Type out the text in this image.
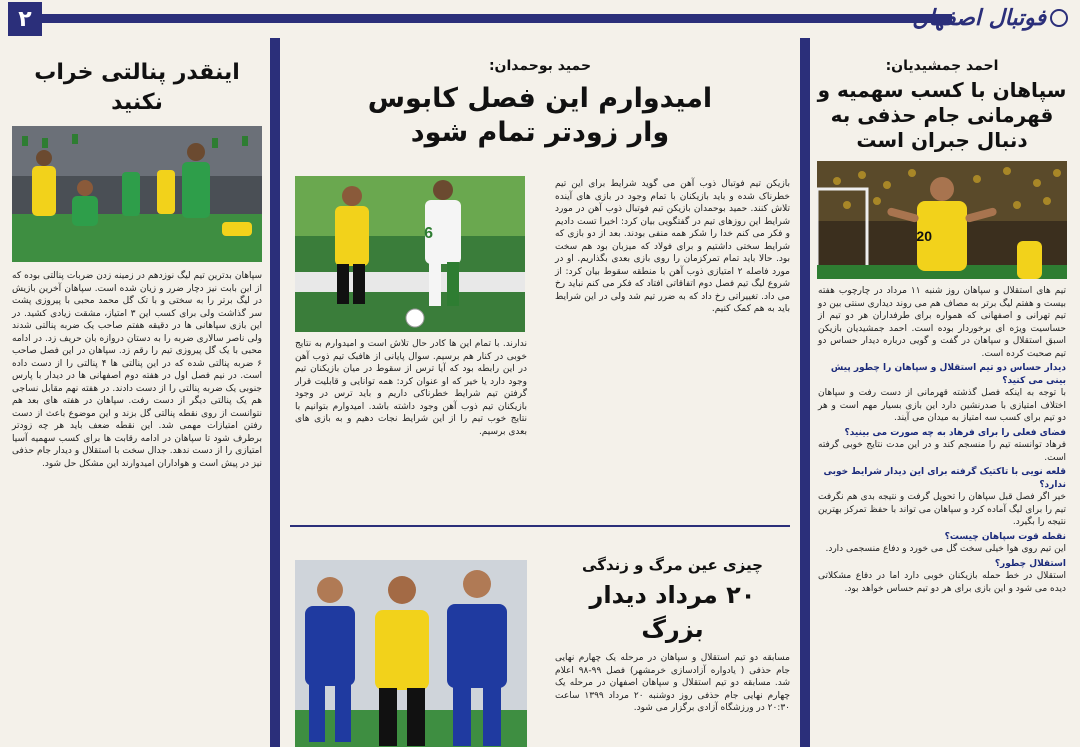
۲	فوتبال اصفهان

احمد جمشیدیان:

سپاهان با کسب سهمیه و قهرمانی جام حذفی به دنبال جبران است

20

تیم های استقلال و سپاهان روز شنبه ۱۱ مرداد در چارچوب هفته بیست و هفتم لیگ برتر به مصاف هم می روند دیداری سنتی بین دو تیم تهرانی و اصفهانی که همواره برای طرفداران هر دو تیم از حساسیت ویژه ای برخوردار بوده است. احمد جمشیدیان بازیکن اسبق استقلال و سپاهان در گفت و گویی درباره دیدار حساس دو تیم صحبت کرده است.

دیدار حساس دو تیم استقلال و سپاهان را چطور پیش بینی می کنید؟

با توجه به اینکه فصل گذشته قهرمانی از دست رفت و سپاهان اختلاف امتیازی با صدرنشین دارد این بازی بسیار مهم است و هر دو تیم برای کسب سه امتیاز به میدان می آیند.

فضای فعلی را برای فرهاد به چه صورت می بینید؟

فرهاد توانسته تیم را منسجم کند و در این مدت نتایج خوبی گرفته است.

قلعه نویی با تاکتیک گرفته برای این دیدار شرایط خوبی ندارد؟

خیر اگر فصل قبل سپاهان را تحویل گرفت و نتیجه بدی هم نگرفت تیم را برای لیگ آماده کرد و سپاهان می تواند با حفظ تمرکز بهترین نتیجه را بگیرد.

نقطه قوت سپاهان چیست؟

این تیم روی هوا خیلی سخت گل می خورد و دفاع منسجمی دارد.

استقلال چطور؟

استقلال در خط حمله بازیکنان خوبی دارد اما در دفاع مشکلاتی دیده می شود و این بازی برای هر دو تیم حساس خواهد بود.

حمید بوحمدان:

امیدوارم این فصل کابوس وار زودتر تمام شود

بازیکن تیم فوتبال ذوب آهن می گوید شرایط برای این تیم خطرناک شده و باید بازیکنان با تمام وجود در بازی های آینده تلاش کنند. حمید بوحمدان بازیکن تیم فوتبال ذوب آهن در مورد شرایط این روزهای تیم در گفتگویی بیان کرد: اخیرا تست دادیم و فکر می کنم خدا را شکر همه منفی بودند. بعد از دو بازی که شرایط سختی داشتیم و برای فولاد که میزبان بود هم سخت بود. حالا باید تمام تمرکزمان را روی بازی بعدی بگذاریم. او در مورد فاصله ۲ امتیازی ذوب آهن با منطقه سقوط بیان کرد: از شروع لیگ تیم فصل دوم اتفاقاتی افتاد که فکر می کنم نباید رخ می داد. تغییراتی رخ داد که به ضرر تیم شد ولی در این شرایط باید به هم کمک کنیم.

6

ندارند. با تمام این ها کادر حال تلاش است و امیدوارم به نتایج خوبی در کنار هم برسیم. سوال پایانی از هافبک تیم ذوب آهن در این رابطه بود که آیا ترس از سقوط در میان بازیکنان تیم وجود دارد یا خیر که او عنوان کرد: همه توانایی و قابلیت قرار گرفتن تیم شرایط خطرناکی داریم و باید ترس در وجود بازیکنان تیم ذوب آهن وجود داشته باشد. امیدوارم بتوانیم با نتایج خوب تیم را از این شرایط نجات دهیم و به بازی های بعدی برسیم.

چیزی عین مرگ و زندگی

۲۰ مرداد دیدار بزرگ

مسابقه دو تیم استقلال و سپاهان در مرحله یک چهارم نهایی جام حذفی ( یادواره آزادسازی خرمشهر) فصل ۹۹-۹۸ اعلام شد. مسابقه دو تیم استقلال و سپاهان اصفهان در مرحله یک چهارم نهایی جام حذفی روز دوشنبه ۲۰ مرداد ۱۳۹۹ ساعت ۲۰:۳۰ در ورزشگاه آزادی برگزار می شود.

اینقدر پنالتی خراب نکنید

سپاهان بدترین تیم لیگ نوزدهم در زمینه زدن ضربات پنالتی بوده که از این بابت نیز دچار ضرر و زیان شده است. سپاهان آخرین بازیش در لیگ برتر را به سختی و با تک گل محمد محبی با پیروزی پشت سر گذاشت ولی برای کسب این ۳ امتیاز، مشقت زیادی کشید. در این بازی سپاهانی ها در دقیقه هفتم صاحب یک ضربه پنالتی شدند ولی ناصر سالاری ضربه را به دستان دروازه بان حریف زد. در ادامه محبی با یک گل پیروزی تیم را رقم زد. سپاهان در این فصل صاحب ۶ ضربه پنالتی شده که در این پنالتی ها ۴ پنالتی را از دست داده است. در نیم فصل اول در هفته دوم اصفهانی ها در دیدار با پارس جنوبی یک ضربه پنالتی را از دست دادند. در هفته نهم مقابل نساجی هم یک پنالتی دیگر از دست رفت. سپاهان در هفته های بعد هم نتوانست از روی نقطه پنالتی گل بزند و این موضوع باعث از دست رفتن امتیازات مهمی شد. این نقطه ضعف باید هر چه زودتر برطرف شود تا سپاهان در ادامه رقابت ها برای کسب سهمیه آسیا امتیازی را از دست ندهد. جدال سخت با استقلال و دیدار جام حذفی نیز در پیش است و هواداران امیدوارند این مشکل حل شود.
